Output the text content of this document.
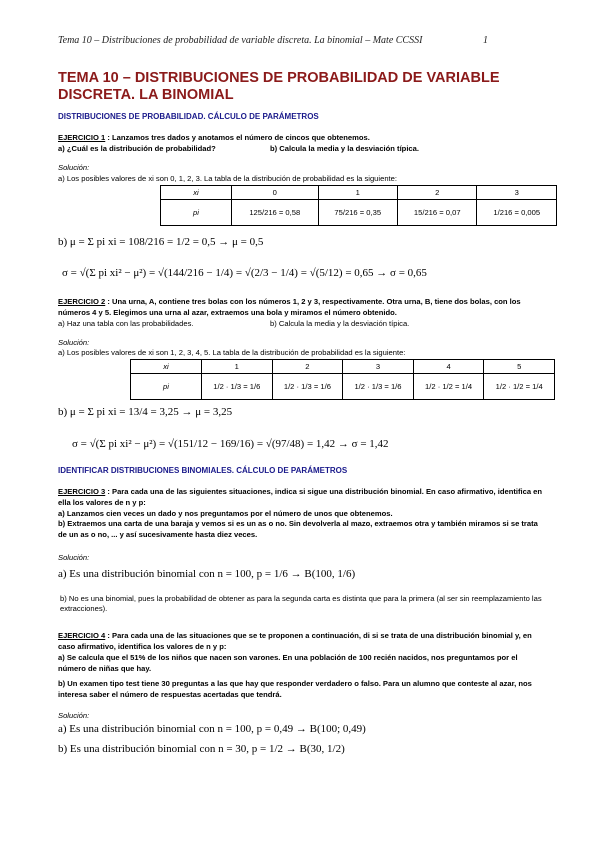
Tema 10 – Distribuciones de probabilidad de variable discreta. La binomial – Mate CCSSI	1
TEMA 10 – DISTRIBUCIONES DE PROBABILIDAD DE VARIABLE DISCRETA. LA BINOMIAL
DISTRIBUCIONES DE PROBABILIDAD. CÁLCULO DE PARÁMETROS
EJERCICIO 1 : Lanzamos tres dados y anotamos el número de cincos que obtenemos.
a) ¿Cuál es la distribución de probabilidad?	b) Calcula la media y la desviación típica.
Solución:
a) Los posibles valores de xi son 0, 1, 2, 3. La tabla de la distribución de probabilidad es la siguiente:
xi	0	1	2	3
pi	125/216 = 0,58	75/216 = 0,35	15/216 = 0,07	1/216 = 0,005
b) μ = Σ pi xi = 108/216 = 1/2 = 0,5 → μ = 0,5
σ = √(Σ pi xi² − μ²) = √(144/216 − 1/4) = √(2/3 − 1/4) = √(5/12) = 0,65 → σ = 0,65
EJERCICIO 2 : Una urna, A, contiene tres bolas con los números 1, 2 y 3, respectivamente. Otra urna, B, tiene dos bolas, con los números 4 y 5. Elegimos una urna al azar, extraemos una bola y miramos el número obtenido.
a) Haz una tabla con las probabilidades.	b) Calcula la media y la desviación típica.
Solución:
a) Los posibles valores de xi son 1, 2, 3, 4, 5. La tabla de la distribución de probabilidad es la siguiente:
xi	1	2	3	4	5
pi	1/2 · 1/3 = 1/6	1/2 · 1/3 = 1/6	1/2 · 1/3 = 1/6	1/2 · 1/2 = 1/4	1/2 · 1/2 = 1/4
b) μ = Σ pi xi = 13/4 = 3,25 → μ = 3,25
σ = √(Σ pi xi² − μ²) = √(151/12 − 169/16) = √(97/48) = 1,42 → σ = 1,42
IDENTIFICAR DISTRIBUCIONES BINOMIALES. CÁLCULO DE PARÁMETROS
EJERCICIO 3 : Para cada una de las siguientes situaciones, indica si sigue una distribución binomial. En caso afirmativo, identifica en ella los valores de n y p:
a) Lanzamos cien veces un dado y nos preguntamos por el número de unos que obtenemos.
b) Extraemos una carta de una baraja y vemos si es un as o no. Sin devolverla al mazo, extraemos otra y también miramos si se trata de un as o no, ... y así sucesivamente hasta diez veces.
Solución:
a) Es una distribución binomial con n = 100, p = 1/6 → B(100, 1/6)
b) No es una binomial, pues la probabilidad de obtener as para la segunda carta es distinta que para la primera (al ser sin reemplazamiento las extracciones).
EJERCICIO 4 : Para cada una de las situaciones que se te proponen a continuación, di si se trata de una distribución binomial y, en caso afirmativo, identifica los valores de n y p:
a) Se calcula que el 51% de los niños que nacen son varones. En una población de 100 recién nacidos, nos preguntamos por el número de niñas que hay.
b) Un examen tipo test tiene 30 preguntas a las que hay que responder verdadero o falso. Para un alumno que conteste al azar, nos interesa saber el número de respuestas acertadas que tendrá.
Solución:
a) Es una distribución binomial con n = 100, p = 0,49 → B(100; 0,49)
b) Es una distribución binomial con n = 30, p = 1/2 → B(30, 1/2)
